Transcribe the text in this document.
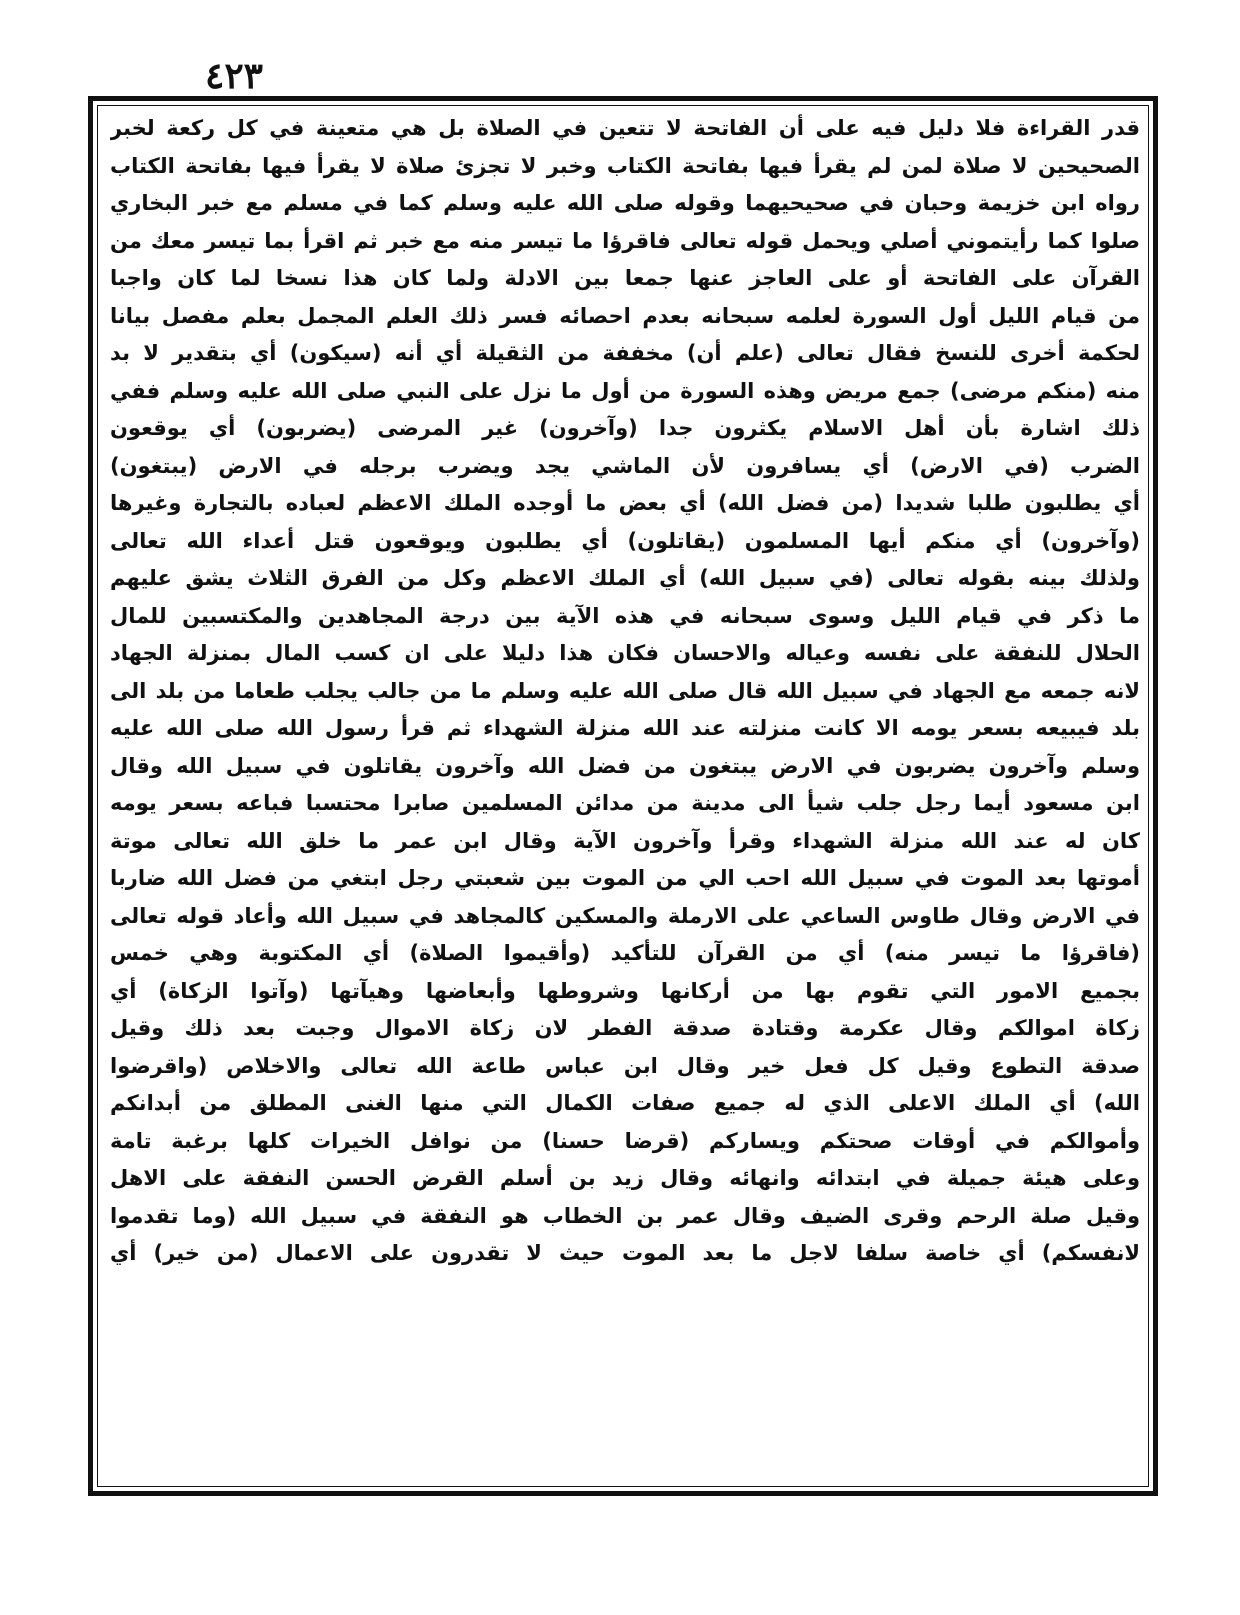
٤٢٣
قدر القراءة فلا دليل فيه على أن الفاتحة لا تتعين في الصلاة بل هي متعينة في كل ركعة لخبر
الصحيحين لا صلاة لمن لم يقرأ فيها بفاتحة الكتاب وخبر لا تجزئ صلاة لا يقرأ فيها بفاتحة الكتاب
رواه ابن خزيمة وحبان في صحيحيهما وقوله صلى الله عليه وسلم كما في مسلم مع خبر البخاري
صلوا كما رأيتموني أصلي ويحمل قوله تعالى فاقرؤا ما تيسر منه مع خبر ثم اقرأ بما تيسر معك من
القرآن على الفاتحة أو على العاجز عنها جمعا بين الادلة ولما كان هذا نسخا لما كان واجبا
من قيام الليل أول السورة لعلمه سبحانه بعدم احصائه فسر ذلك العلم المجمل بعلم مفصل بيانا
لحكمة أخرى للنسخ فقال تعالى (علم أن) مخففة من الثقيلة أي أنه (سيكون) أي بتقدير لا بد
منه (منكم مرضى) جمع مريض وهذه السورة من أول ما نزل على النبي صلى الله عليه وسلم ففي
ذلك اشارة بأن أهل الاسلام يكثرون جدا (وآخرون) غير المرضى (يضربون) أي يوقعون
الضرب (في الارض) أي يسافرون لأن الماشي يجد ويضرب برجله في الارض (يبتغون)
أي يطلبون طلبا شديدا (من فضل الله) أي بعض ما أوجده الملك الاعظم لعباده بالتجارة وغيرها
(وآخرون) أي منكم أيها المسلمون (يقاتلون) أي يطلبون ويوقعون قتل أعداء الله تعالى
ولذلك بينه بقوله تعالى (في سبيل الله) أي الملك الاعظم وكل من الفرق الثلاث يشق عليهم
ما ذكر في قيام الليل وسوى سبحانه في هذه الآية بين درجة المجاهدين والمكتسبين للمال
الحلال للنفقة على نفسه وعياله والاحسان فكان هذا دليلا على ان كسب المال بمنزلة الجهاد
لانه جمعه مع الجهاد في سبيل الله قال صلى الله عليه وسلم ما من جالب يجلب طعاما من بلد الى
بلد فيبيعه بسعر يومه الا كانت منزلته عند الله منزلة الشهداء ثم قرأ رسول الله صلى الله عليه
وسلم وآخرون يضربون في الارض يبتغون من فضل الله وآخرون يقاتلون في سبيل الله وقال
ابن مسعود أيما رجل جلب شيأ الى مدينة من مدائن المسلمين صابرا محتسبا فباعه بسعر يومه
كان له عند الله منزلة الشهداء وقرأ وآخرون الآية وقال ابن عمر ما خلق الله تعالى موتة
أموتها بعد الموت في سبيل الله احب الي من الموت بين شعبتي رجل ابتغي من فضل الله ضاربا
في الارض وقال طاوس الساعي على الارملة والمسكين كالمجاهد في سبيل الله وأعاد قوله تعالى
(فاقرؤا ما تيسر منه) أي من القرآن للتأكيد (وأقيموا الصلاة) أي المكتوبة وهي خمس
بجميع الامور التي تقوم بها من أركانها وشروطها وأبعاضها وهيآتها (وآتوا الزكاة) أي
زكاة اموالكم وقال عكرمة وقتادة صدقة الفطر لان زكاة الاموال وجبت بعد ذلك وقيل
صدقة التطوع وقيل كل فعل خير وقال ابن عباس طاعة الله تعالى والاخلاص (واقرضوا
الله) أي الملك الاعلى الذي له جميع صفات الكمال التي منها الغنى المطلق من أبدانكم
وأموالكم في أوقات صحتكم ويساركم (قرضا حسنا) من نوافل الخيرات كلها برغبة تامة
وعلى هيئة جميلة في ابتدائه وانهائه وقال زيد بن أسلم القرض الحسن النفقة على الاهل
وقيل صلة الرحم وقرى الضيف وقال عمر بن الخطاب هو النفقة في سبيل الله (وما تقدموا
لانفسكم) أي خاصة سلفا لاجل ما بعد الموت حيث لا تقدرون على الاعمال (من خير) أي
